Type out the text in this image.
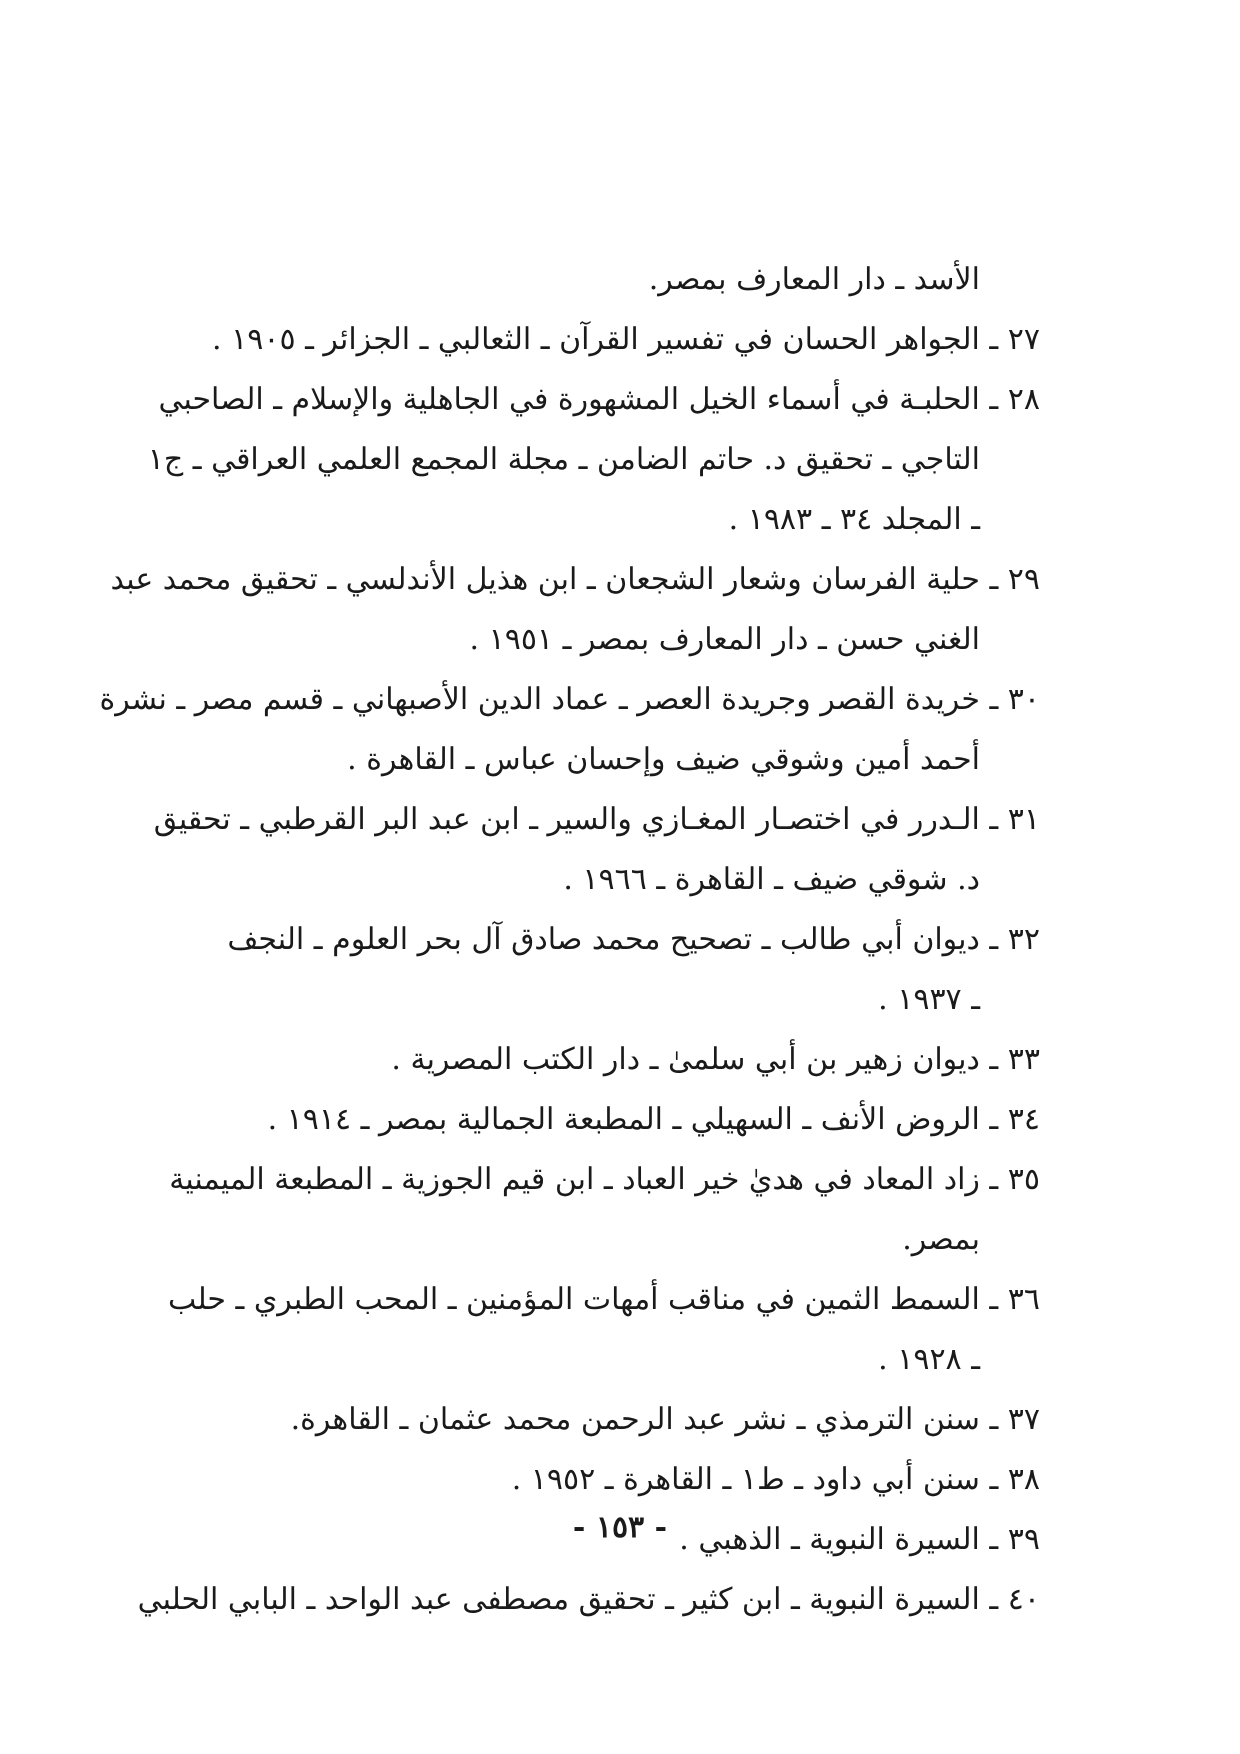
الأسد ـ دار المعارف بمصر.
٢٧ ـ الجواهر الحسان في تفسير القرآن ـ الثعالبي ـ الجزائر ـ ١٩٠٥ .
٢٨ ـ الحلبـة في أسماء الخيل المشهورة في الجاهلية والإسلام ـ الصاحبي
التاجي ـ تحقيق د. حاتم الضامن ـ مجلة المجمع العلمي العراقي ـ ج١
ـ المجلد ٣٤ ـ ١٩٨٣ .
٢٩ ـ حلية الفرسان وشعار الشجعان ـ ابن هذيل الأندلسي ـ تحقيق محمد عبد
الغني حسن ـ دار المعارف بمصر ـ ١٩٥١ .
٣٠ ـ خريدة القصر وجريدة العصر ـ عماد الدين الأصبهاني ـ قسم مصر ـ نشرة
أحمد أمين وشوقي ضيف وإحسان عباس ـ القاهرة .
٣١ ـ الـدرر في اختصـار المغـازي والسير ـ ابن عبد البر القرطبي ـ تحقيق
د. شوقي ضيف ـ القاهرة ـ ١٩٦٦ .
٣٢ ـ ديوان أبي طالب ـ تصحيح محمد صادق آل بحر العلوم ـ النجف
ـ ١٩٣٧ .
٣٣ ـ ديوان زهير بن أبي سلمىٰ ـ دار الكتب المصرية .
٣٤ ـ الروض الأنف ـ السهيلي ـ المطبعة الجمالية بمصر ـ ١٩١٤ .
٣٥ ـ زاد المعاد في هديٰ خير العباد ـ ابن قيم الجوزية ـ المطبعة الميمنية
بمصر.
٣٦ ـ السمط الثمين في مناقب أمهات المؤمنين ـ المحب الطبري ـ حلب
ـ ١٩٢٨ .
٣٧ ـ سنن الترمذي ـ نشر عبد الرحمن محمد عثمان ـ القاهرة.
٣٨ ـ سنن أبي داود ـ ط١ ـ القاهرة ـ ١٩٥٢ .
٣٩ ـ السيرة النبوية ـ الذهبي .
٤٠ ـ السيرة النبوية ـ ابن كثير ـ تحقيق مصطفى عبد الواحد ـ البابي الحلبي
- ١٥٣ -
